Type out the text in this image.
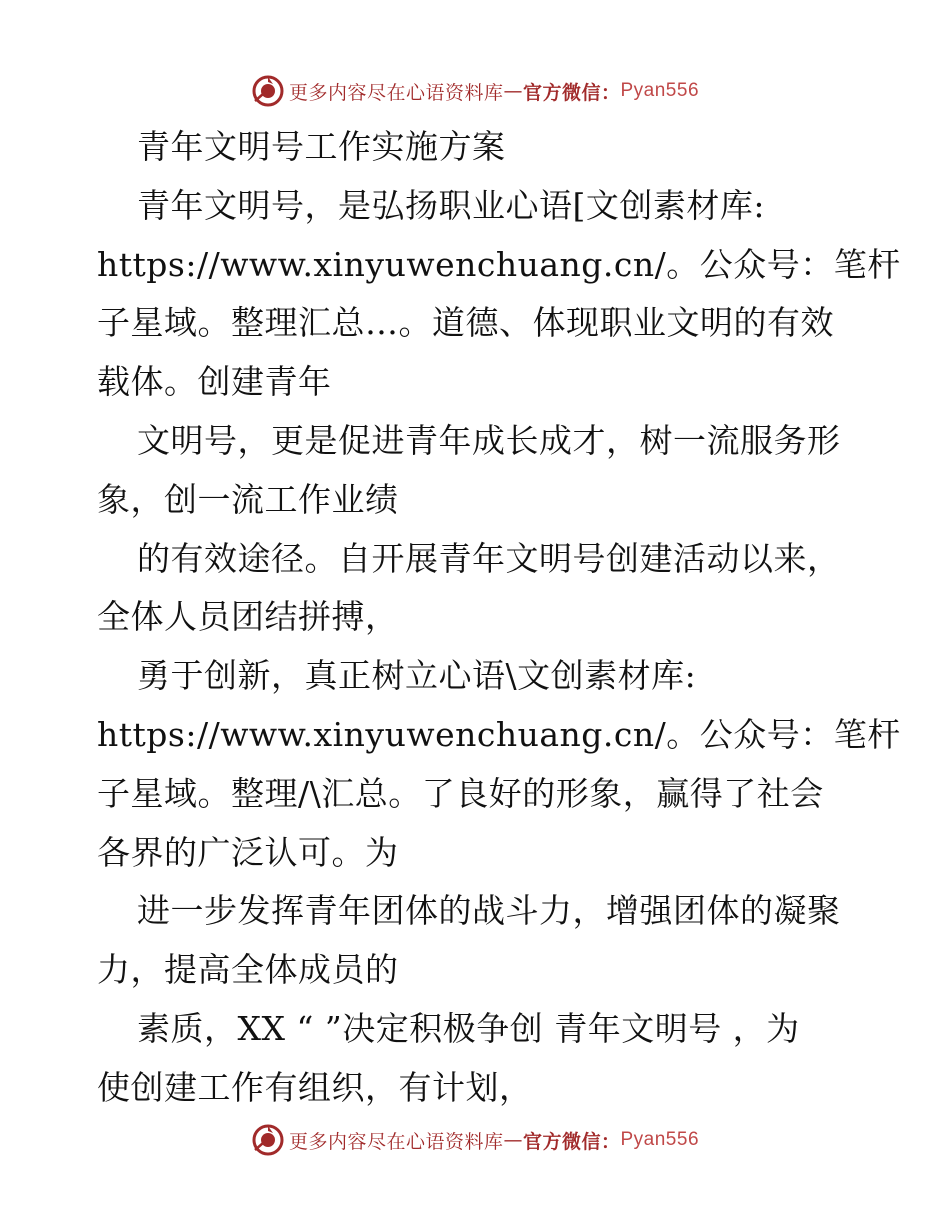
更多内容尽在心语资料库 — 官方微信： Pyan556
青年文明号工作实施方案
青年文明号，是弘扬职业心语[文创素材库:
https://www.xinyuwenchuang.cn/。公众号：笔杆
子星域。整理汇总…。道德、体现职业文明的有效
载体。创建青年
文明号，更是促进青年成长成才，树一流服务形
象，创一流工作业绩
的有效途径。自开展青年文明号创建活动以来，
全体人员团结拼搏，
勇于创新，真正树立心语\文创素材库:
https://www.xinyuwenchuang.cn/。公众号：笔杆
子星域。整理/\汇总。了良好的形象，赢得了社会
各界的广泛认可。为
进一步发挥青年团体的战斗力，增强团体的凝聚
力，提高全体成员的
素质，XX “ ”决定积极争创 青年文明号 ，为
使创建工作有组织，有计划，
更多内容尽在心语资料库 — 官方微信： Pyan556
